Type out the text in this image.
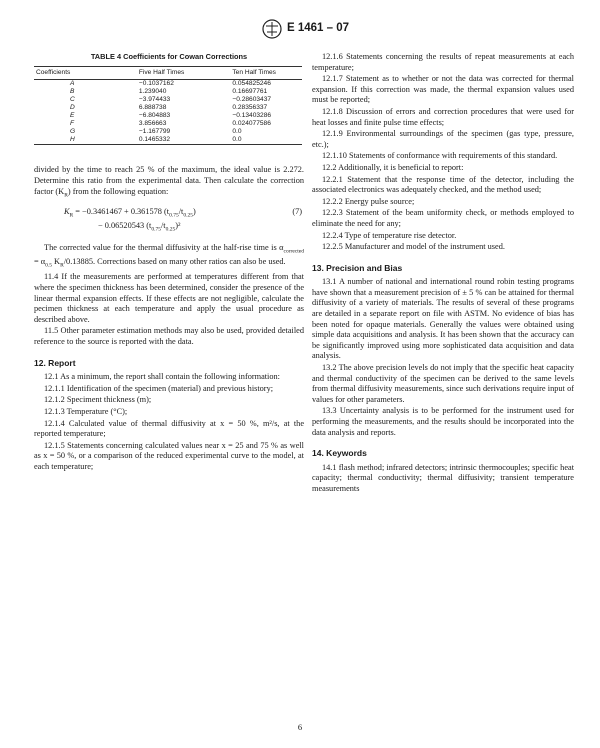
E 1461 – 07
TABLE 4 Coefficients for Cowan Corrections
Coefficients	Five Half Times	Ten Half Times
A	−0.1037162	0.054825246
B	1.239040	0.16697761
C	−3.974433	−0.28603437
D	6.888738	0.28356337
E	−6.804883	−0.13403286
F	3.856663	0.024077586
G	−1.167799	0.0
H	0.1465332	0.0

divided by the time to reach 25 % of the maximum, the ideal value is 2.272. Determine this ratio from the experimental data. Then calculate the correction factor $(K_R)$ from the following equation:

$K_R = -0.3461467 + 0.361578$ $(t_{0.75}/t_{0.25})$
− 0.06520543 $(t_{0.75}/t_{0.25})^2$
(7)

The corrected value for the thermal diffusivity at the half-rise time is $\alpha_{corrected} = \alpha_{0.5}$ $K_R/0.13885$. Corrections based on many other ratios can also be used.

11.4 If the measurements are performed at temperatures different from that where the specimen thickness has been determined, consider the presence of the linear thermal expansion effects. If these effects are not negligible, calculate the pecimen thickness at each temperature and apply the usual procedure as described above.

11.5 Other parameter estimation methods may also be used, provided detailed reference to the source is reported with the data.

12. Report

12.1 As a minimum, the report shall contain the following information:

12.1.1 Identification of the specimen (material) and previous history;

12.1.2 Speciment thickness (m);

12.1.3 Temperature (°C);

12.1.4 Calculated value of thermal diffusivity at x = 50 %, m²/s, at the reported temperature;

12.1.5 Statements concerning calculated values near x = 25 and 75 % as well as x = 50 %, or a comparison of the reduced experimental curve to the model, at each temperature;

12.1.6 Statements concerning the results of repeat measurements at each temperature;

12.1.7 Statement as to whether or not the data was corrected for thermal expansion. If this correction was made, the thermal expansion values used must be reported;

12.1.8 Discussion of errors and correction procedures that were used for heat losses and finite pulse time effects;

12.1.9 Environmental surroundings of the specimen (gas type, pressure, etc.);

12.1.10 Statements of conformance with requirements of this standard.

12.2 Additionally, it is beneficial to report:

12.2.1 Statement that the response time of the detector, including the associated electronics was adequately checked, and the method used;

12.2.2 Energy pulse source;

12.2.3 Statement of the beam uniformity check, or methods employed to eliminate the need for any;

12.2.4 Type of temperature rise detector.

12.2.5 Manufacturer and model of the instrument used.

13. Precision and Bias

13.1 A number of national and international round robin testing programs have shown that a measurement precision of ± 5 % can be attained for thermal diffusivity of a variety of materials. The results of several of these programs are detailed in a separate report on file with ASTM. No evidence of bias has been noted for opaque materials. Generally the values were obtained using simple data acquisitions and analysis. It has been shown that the accuracy can be significantly improved using more sophisticated data acquisition and data analysis.

13.2 The above precision levels do not imply that the specific heat capacity and thermal conductivity of the specimen can be derived to the same levels from thermal diffusivity measurements, since such derivations require input of values for other parameters.

13.3 Uncertainty analysis is to be performed for the instrument used for performing the measurements, and the results should be incorporated into the data analysis and reports.

14. Keywords

14.1 flash method; infrared detectors; intrinsic thermocouples; specific heat capacity; thermal conductivity; thermal diffusivity; transient temperature measurements

6
